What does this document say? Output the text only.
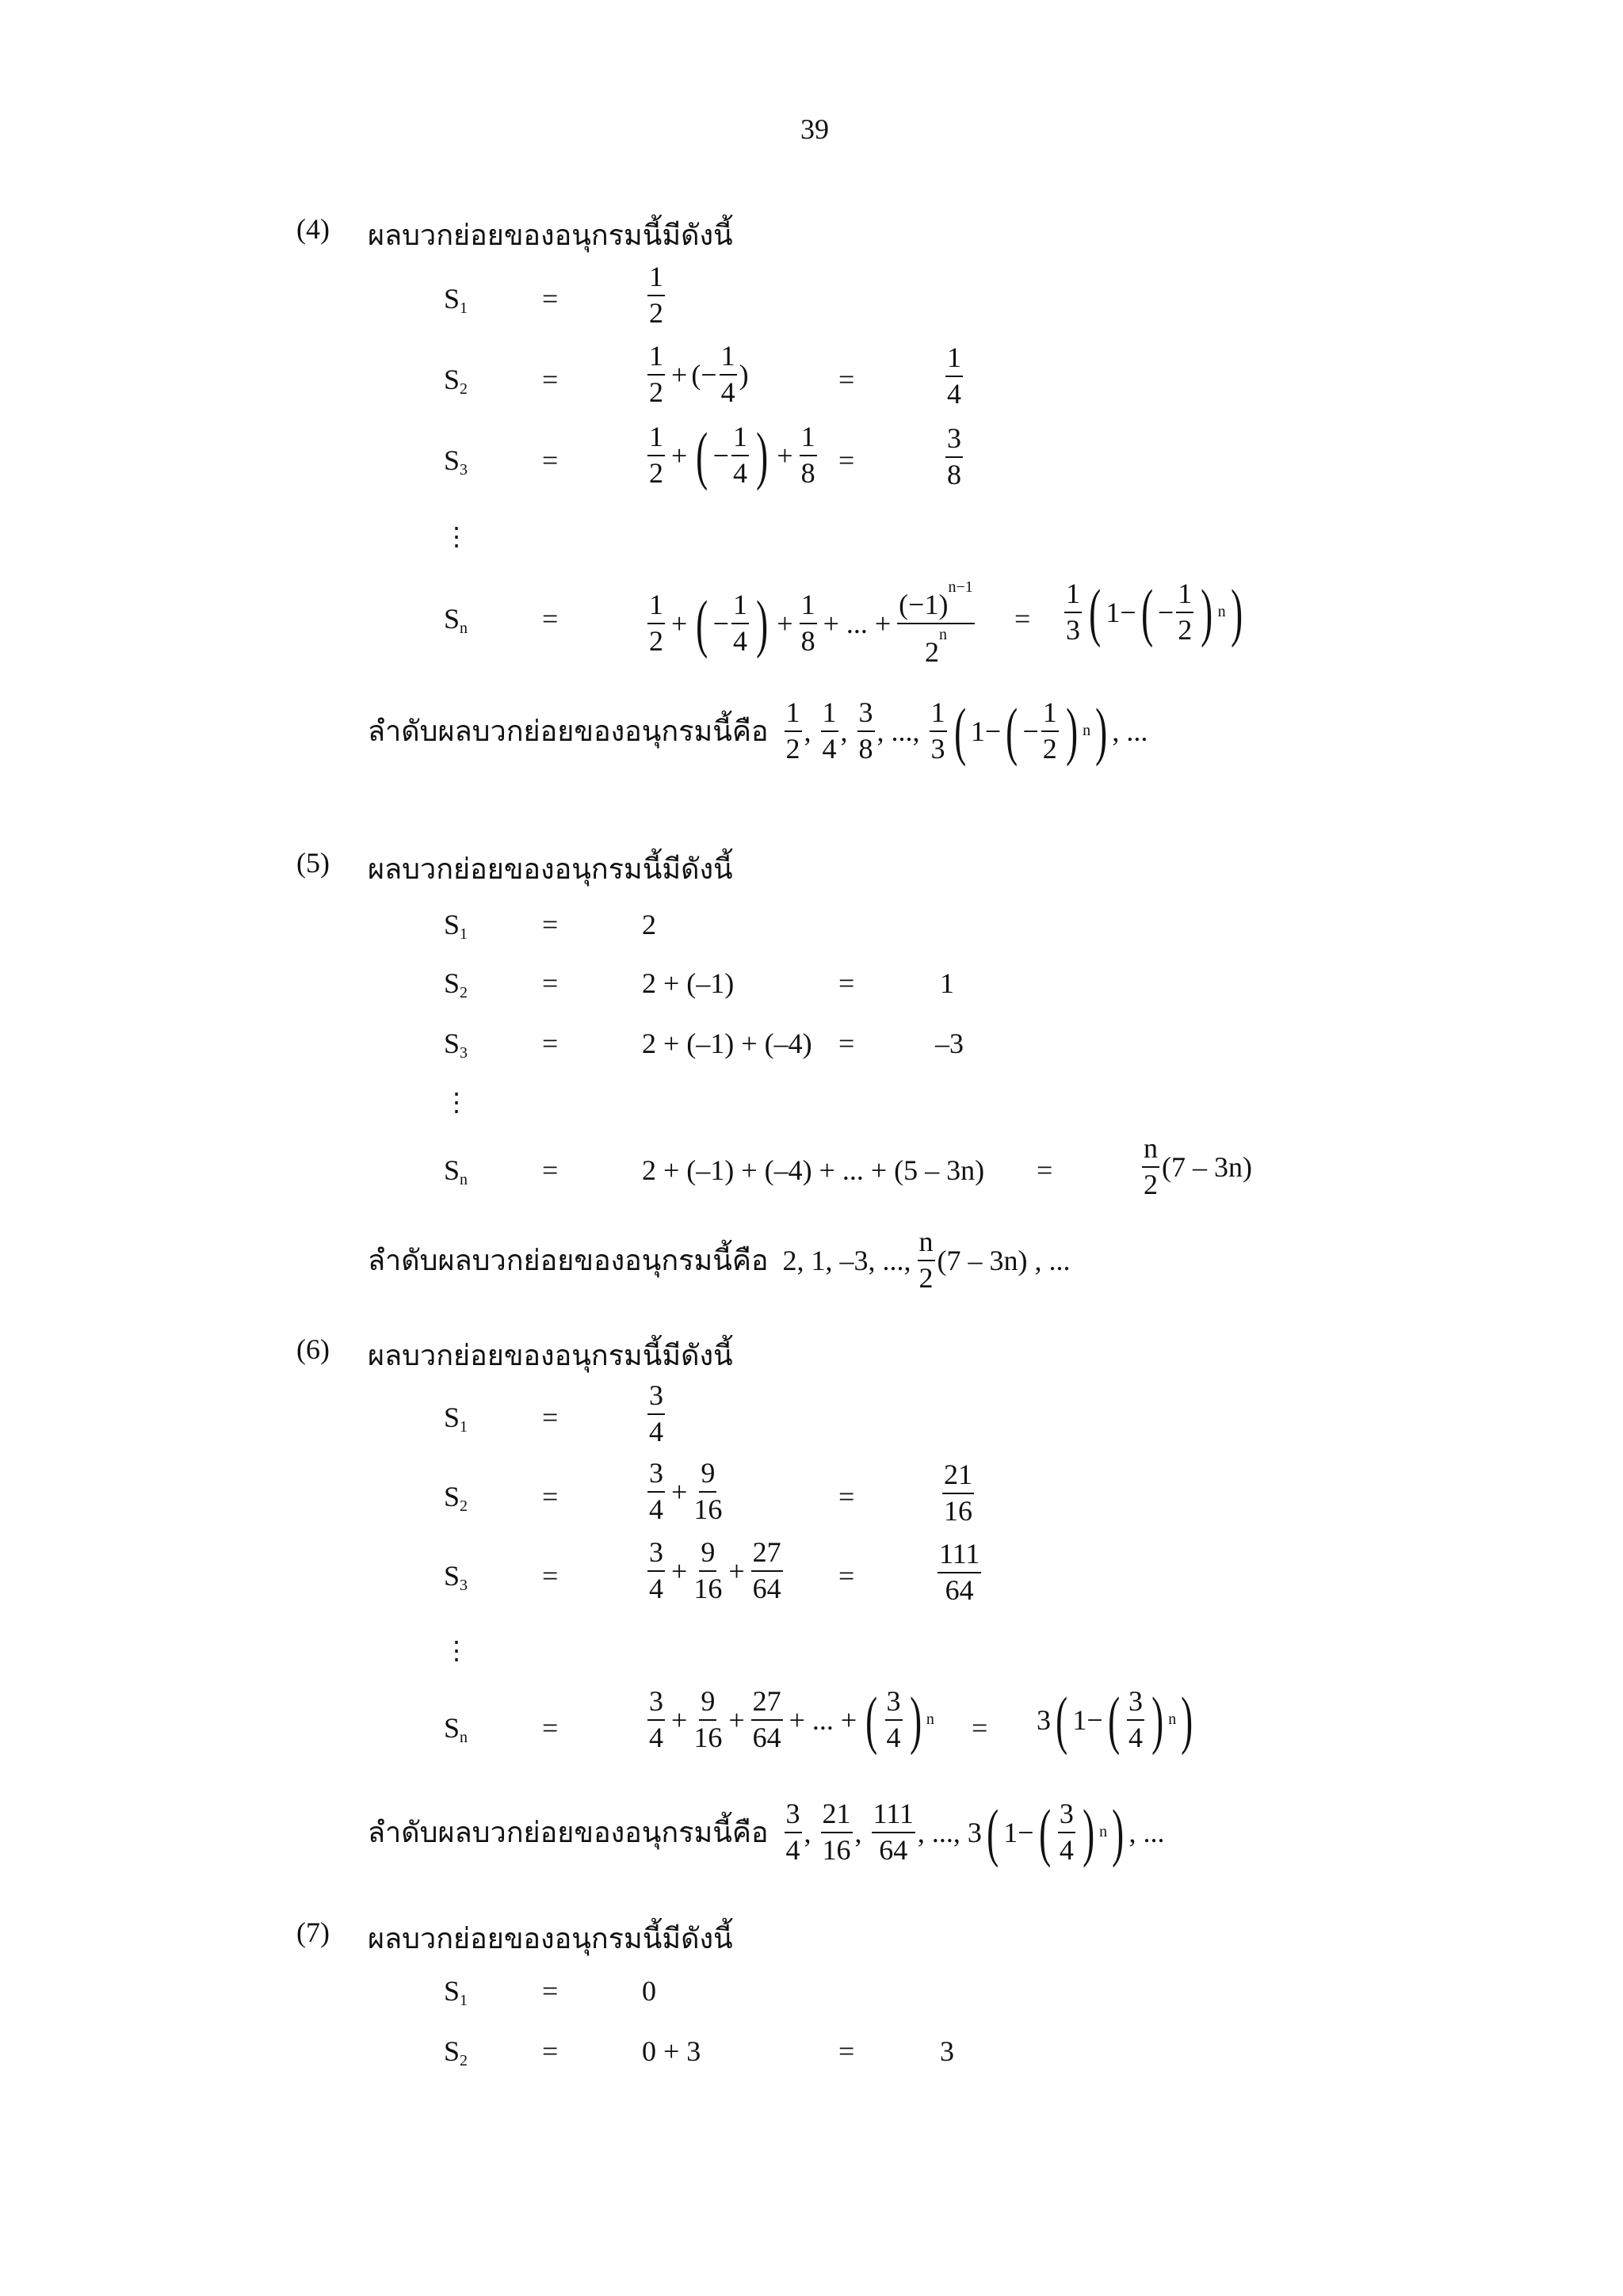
39
(4) ผลบวกย่อยของอนุกรมนี้มีดังนี้
$S_1$	=	$\frac{1}{2}$
$S_2$	=	$\frac{1}{2}$ + (− $\frac{1}{4}$ )	=	$\frac{1}{4}$
$S_3$	=	$\frac{1}{2}$ + ( − $\frac{1}{4}$ ) + $\frac{1}{8}$ =	$\frac{3}{8}$
⋮
$S_n$	=	$\frac{1}{2}$ + ( − $\frac{1}{4}$ ) + $\frac{1}{8}$ + ... + $\frac{(-1)^{n-1}}{2^n} = \frac{1}{3}$ ( 1− ( − $\frac{1}{2}$ ) n )
ลำดับผลบวกย่อยของอนุกรมนี้คือ $\frac{1}{2}$ , $\frac{1}{4}$ , $\frac{3}{8}$ , ..., $\frac{1}{3}$ ( 1− ( − $\frac{1}{2}$ ) n ) , ...
(5) ผลบวกย่อยของอนุกรมนี้มีดังนี้
$S_1$	=	2
$S_2$	=	2 + (–1)	=	1
$S_3$	=	2 + (–1) + (–4) =	–3
⋮
$S_n$	=	2 + (–1) + (–4) + ... + (5 – 3n) =	$\frac{n}{2} (7 - 3n)$
ลำดับผลบวกย่อยของอนุกรมนี้คือ 2, 1, –3, ..., $\frac{n}{2} (7 - 3n)$ , ...
(6) ผลบวกย่อยของอนุกรมนี้มีดังนี้
$S_1$	=	$\frac{3}{4}$
$S_2$	=	$\frac{3}{4} + \frac{9}{16}$	=	$\frac{21}{16}$
$S_3$	=	$\frac{3}{4} + \frac{9}{16} + \frac{27}{64}$ =	$\frac{111}{64}$
⋮
$S_n$	=	$\frac{3}{4} + \frac{9}{16} + \frac{27}{64}$ + ... + ( $\frac{3}{4}$ ) n = 3 ( 1− ( $\frac{3}{4}$ ) n )
ลำดับผลบวกย่อยของอนุกรมนี้คือ $\frac{3}{4}$ , $\frac{21}{16}$ , $\frac{111}{64}$ , ..., 3 ( 1− ( $\frac{3}{4}$ ) n ) , ...
(7) ผลบวกย่อยของอนุกรมนี้มีดังนี้
$S_1$	=	0
$S_2$	=	0 + 3	=	3
